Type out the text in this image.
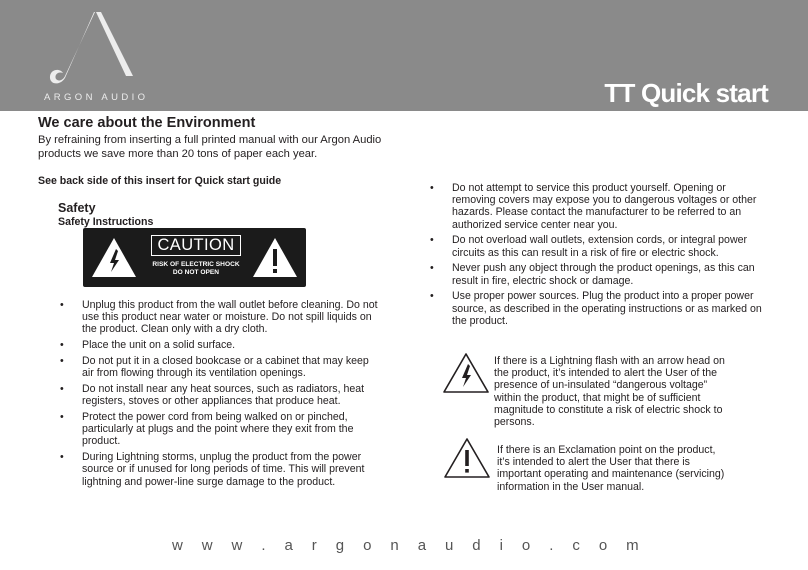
ARGON AUDIO	TT Quick start
We care about the Environment
By refraining from inserting a full printed manual with our Argon Audio products we save more than 20 tons of paper each year.
See back side of this insert for Quick start guide
Safety
Safety Instructions
CAUTION
RISK OF ELECTRIC SHOCK
DO NOT OPEN
• Unplug this product from the wall outlet before cleaning. Do not use this product near water or moisture. Do not spill liquids on the product. Clean only with a dry cloth.
• Place the unit on a solid surface.
• Do not put it in a closed bookcase or a cabinet that may keep air from flowing through its ventilation openings.
• Do not install near any heat sources, such as radiators, heat registers, stoves or other appliances that produce heat.
• Protect the power cord from being walked on or pinched, particularly at plugs and the point where they exit from the product.
• During Lightning storms, unplug the product from the power source or if unused for long periods of time. This will prevent lightning and power-line surge damage to the product.
• Do not attempt to service this product yourself. Opening or removing covers may expose you to dangerous voltages or other hazards. Please contact the manufacturer to be referred to an authorized service center near you.
• Do not overload wall outlets, extension cords, or integral power circuits as this can result in a risk of fire or electric shock.
• Never push any object through the product openings, as this can result in fire, electric shock or damage.
• Use proper power sources. Plug the product into a proper power source, as described in the operating instructions or as marked on the product.
If there is a Lightning flash with an arrow head on the product, it’s intended to alert the User of the presence of un-insulated “dangerous voltage” within the product, that might be of sufficient magnitude to constitute a risk of electric shock to persons.
If there is an Exclamation point on the product, it’s intended to alert the User that there is important operating and maintenance (servicing) information in the User manual.
w w w . a r g o n a u d i o . c o m
